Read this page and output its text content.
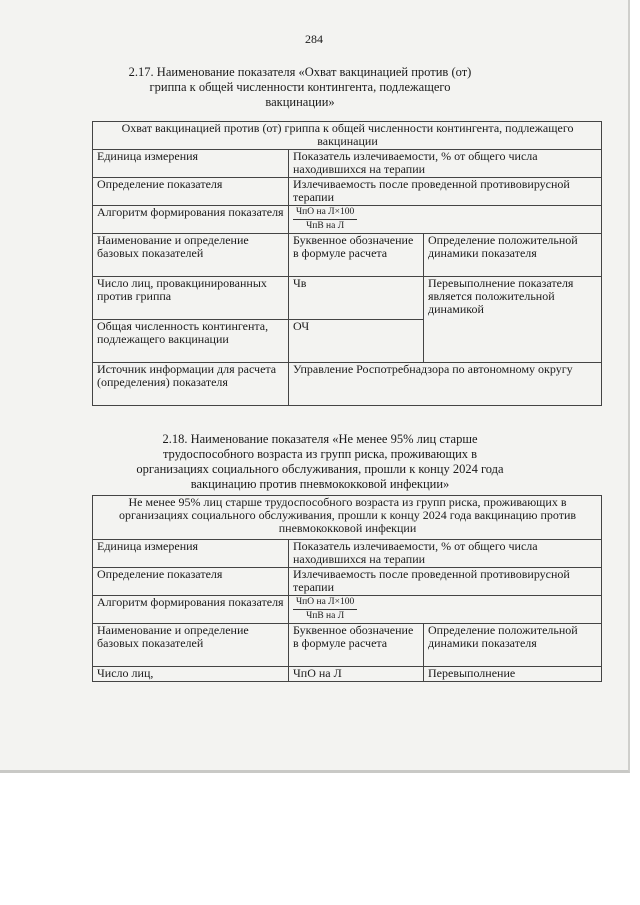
284
2.17. Наименование показателя «Охват вакцинацией против (от) гриппа к общей численности контингента, подлежащего вакцинации»
Охват вакцинацией против (от) гриппа к общей численности контингента, подлежащего вакцинации		
Единица измерения	Показатель излечиваемости, % от общего числа находившихся на терапии	
Определение показателя	Излечиваемость после проведенной противовирусной терапии	
Алгоритм формирования показателя	$\frac{\text{ЧпО на Л×100}}{\text{ЧпВ на Л}}$

Наименование и определение базовых показателей	Буквенное обозначение в формуле расчета	Определение положительной динамики показателя
Число лиц, провакцинированных против гриппа	Чв	Перевыполнение показателя является положительной динамикой
Общая численность контингента, подлежащего вакцинации	ОЧ	
Источник информации для расчета (определения) показателя	Управление Роспотребнадзора по автономному округу	
2.18. Наименование показателя «Не менее 95% лиц старше трудоспособного возраста из групп риска, проживающих в организациях социального обслуживания, прошли к концу 2024 года вакцинацию против пневмококковой инфекции»
Не менее 95% лиц старше трудоспособного возраста из групп риска, проживающих в организациях социального обслуживания, прошли к концу 2024 года вакцинацию против пневмококковой инфекции		
Единица измерения	Показатель излечиваемости, % от общего числа находившихся на терапии	
Определение показателя	Излечиваемость после проведенной противовирусной терапии	
Алгоритм формирования показателя	$\frac{\text{ЧпО на Л×100}}{\text{ЧпВ на Л}}$

Наименование и определение базовых показателей	Буквенное обозначение в формуле расчета	Определение положительной динамики показателя
Число лиц,	ЧпО на Л	Перевыполнение
